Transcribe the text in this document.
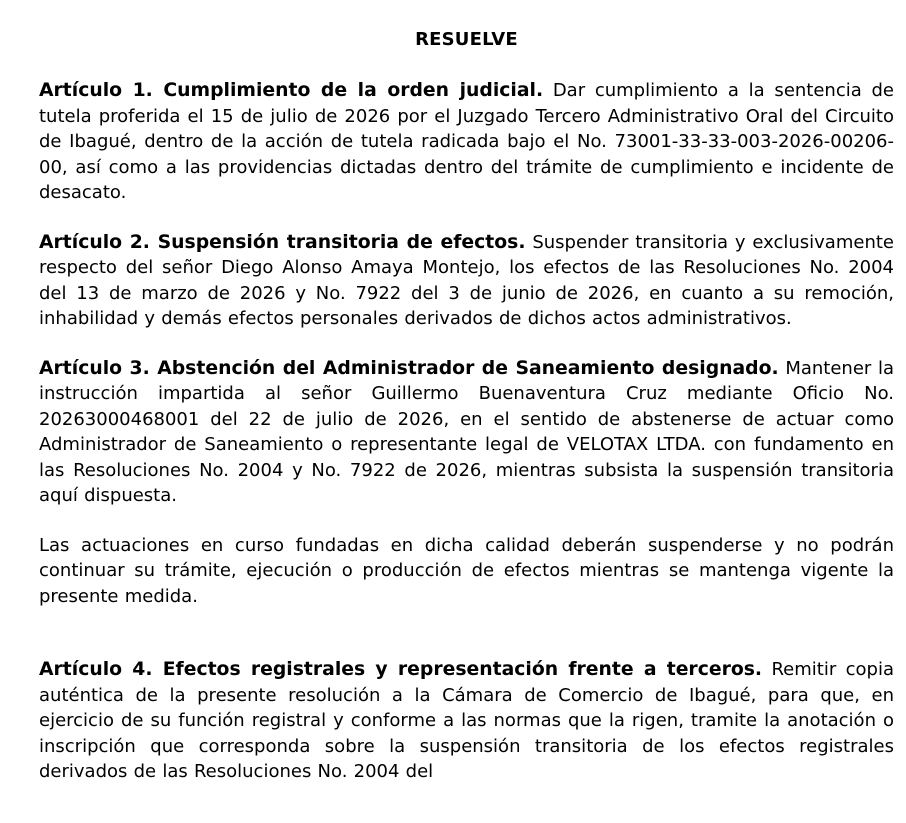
RESUELVE

Artículo 1. Cumplimiento de la orden judicial. Dar cumplimiento a la sentencia de tutela proferida el 15 de julio de 2026 por el Juzgado Tercero Administrativo Oral del Circuito de Ibagué, dentro de la acción de tutela radicada bajo el No. 73001-33-33-003-2026-00206-00, así como a las providencias dictadas dentro del trámite de cumplimiento e incidente de desacato.

Artículo 2. Suspensión transitoria de efectos. Suspender transitoria y exclusivamente respecto del señor Diego Alonso Amaya Montejo, los efectos de las Resoluciones No. 2004 del 13 de marzo de 2026 y No. 7922 del 3 de junio de 2026, en cuanto a su remoción, inhabilidad y demás efectos personales derivados de dichos actos administrativos.

Artículo 3. Abstención del Administrador de Saneamiento designado. Mantener la instrucción impartida al señor Guillermo Buenaventura Cruz mediante Oficio No. 20263000468001 del 22 de julio de 2026, en el sentido de abstenerse de actuar como Administrador de Saneamiento o representante legal de VELOTAX LTDA. con fundamento en las Resoluciones No. 2004 y No. 7922 de 2026, mientras subsista la suspensión transitoria aquí dispuesta.

Las actuaciones en curso fundadas en dicha calidad deberán suspenderse y no podrán continuar su trámite, ejecución o producción de efectos mientras se mantenga vigente la presente medida.

Artículo 4. Efectos registrales y representación frente a terceros. Remitir copia auténtica de la presente resolución a la Cámara de Comercio de Ibagué, para que, en ejercicio de su función registral y conforme a las normas que la rigen, tramite la anotación o inscripción que corresponda sobre la suspensión transitoria de los efectos registrales derivados de las Resoluciones No. 2004 del
